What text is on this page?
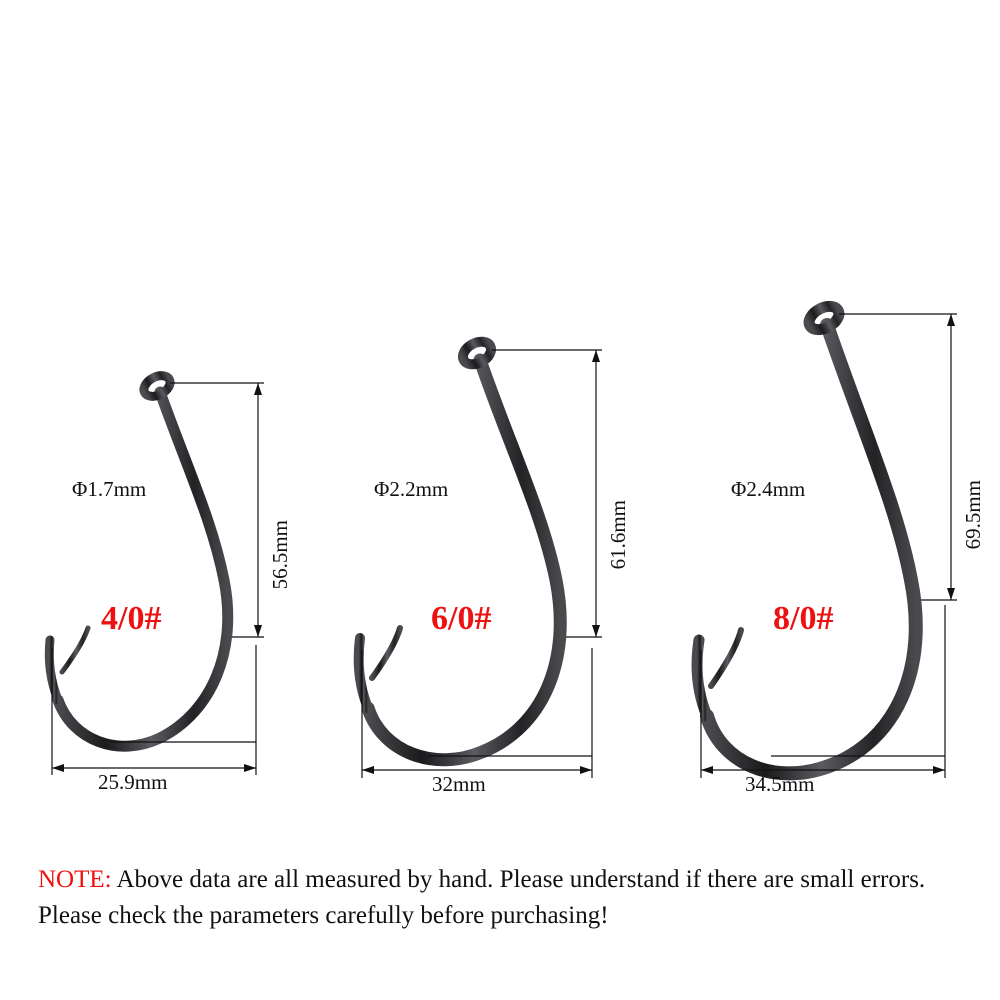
Φ1.7mm
4/0#
56.5mm
25.9mm
Φ2.2mm
6/0#
61.6mm
32mm
Φ2.4mm
8/0#
69.5mm
34.5mm
NOTE: Above data are all measured by hand. Please understand if there are small errors. Please check the parameters carefully before purchasing!
